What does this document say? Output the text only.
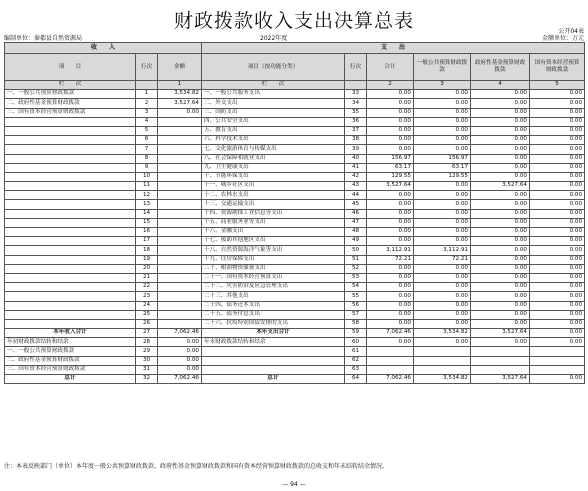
财政拨款收入支出决算总表	公开04表
编制单位：秦都县自然资源局	2022年度	金额单位：万元
收　　入			支　　出					
项　　目	行次	金额	项目（按功能分类）	行次	合计	一般公共预算财政拨款	政府性基金预算财政拨款	国有资本经营预算财政拨款
栏　　次		1	栏　　次		2	3	4	5
一、一般公共预算财政拨款	1	3,534.82	一、一般公共服务支出	33	0.00	0.00	0.00	0.00
二、政府性基金预算财政拨款	2	3,527.64	二、外交支出	34	0.00	0.00	0.00	0.00
三、国有资本经营预算财政拨款	3	0.00	三、国防支出	35	0.00	0.00	0.00	0.00
	4		四、公共安全支出	36	0.00	0.00	0.00	0.00
	5		五、教育支出	37	0.00	0.00	0.00	0.00
	6		六、科学技术支出	38	0.00	0.00	0.00	0.00
	7		七、文化旅游体育与传媒支出	39	0.00	0.00	0.00	0.00
	8		八、社会保障和就业支出	40	156.97	156.97	0.00	0.00
	9		九、卫生健康支出	41	63.17	63.17	0.00	0.00
	10		十、节能环保支出	42	129.55	129.55	0.00	0.00
	11		十一、城乡社区支出	43	3,527.64	0.00	3,527.64	0.00
	12		十二、农林水支出	44	0.00	0.00	0.00	0.00
	13		十三、交通运输支出	45	0.00	0.00	0.00	0.00
	14		十四、资源勘探工业信息等支出	46	0.00	0.00	0.00	0.00
	15		十五、商业服务业等支出	47	0.00	0.00	0.00	0.00
	16		十六、金融支出	48	0.00	0.00	0.00	0.00
	17		十七、援助其他地区支出	49	0.00	0.00	0.00	0.00
	18		十八、自然资源海洋气象等支出	50	3,112.91	3,112.91	0.00	0.00
	19		十九、住房保障支出	51	72.21	72.21	0.00	0.00
	20		二十、粮油物资储备支出	52	0.00	0.00	0.00	0.00
	21		二十一、国有资本经营预算支出	53	0.00	0.00	0.00	0.00
	22		二十二、灾害防治及应急管理支出	54	0.00	0.00	0.00	0.00
	23		二十三、其他支出	55	0.00	0.00	0.00	0.00
	24		二十四、债务还本支出	56	0.00	0.00	0.00	0.00
	25		二十五、债务付息支出	57	0.00	0.00	0.00	0.00
	26		二十六、抗疫特别国债安排的支出	58	0.00	0.00	0.00	0.00
本年收入合计	27	7,062.46	本年支出合计	59	7,062.46	3,534.82	3,527.64	0.00
年初财政拨款结转和结余	28	0.00	年末财政拨款结转和结余	60	0.00	0.00	0.00	0.00
一、一般公共预算财政拨款	29	0.00		61				
二、政府性基金预算财政拨款	30	0.00		62				
三、国有资本经营预算财政拨款	31	0.00		63				
总计	32	7,062.46	总计	64	7,062.46	3,534.82	3,527.64	0.00
注：本表反映部门（单位）本年度一般公共预算财政拨款、政府性基金预算财政拨款和国有资本经营预算财政拨款的总收支和年末结转结余情况。
— 94 —
